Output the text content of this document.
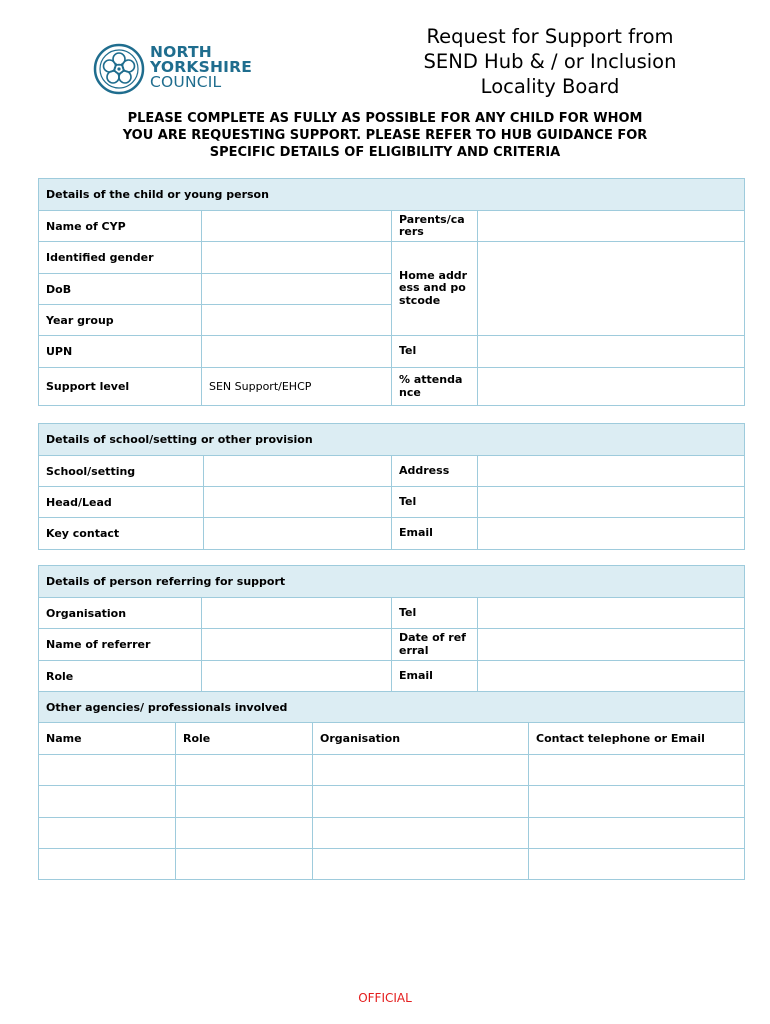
NORTH
YORKSHIRE
COUNCIL
Request for Support from
SEND Hub & / or Inclusion
Locality Board
PLEASE COMPLETE AS FULLY AS POSSIBLE FOR ANY CHILD FOR WHOM
YOU ARE REQUESTING SUPPORT. PLEASE REFER TO HUB GUIDANCE FOR
SPECIFIC DETAILS OF ELIGIBILITY AND CRITERIA
Details of the child or young person			
Name of CYP		Parents/carers	
Identified gender		Home address and postcode	
DoB			
Year group			
UPN		Tel	
Support level	SEN Support/EHCP	% attendance	
Details of school/setting or other provision			
School/setting		Address	
Head/Lead		Tel	
Key contact		Email	
Details of person referring for support						
Organisation				Tel		
Name of referrer				Date of referral		
Role				Email		
Other agencies/ professionals involved						
Name	Role		Organisation			Contact telephone or Email

OFFICIAL
